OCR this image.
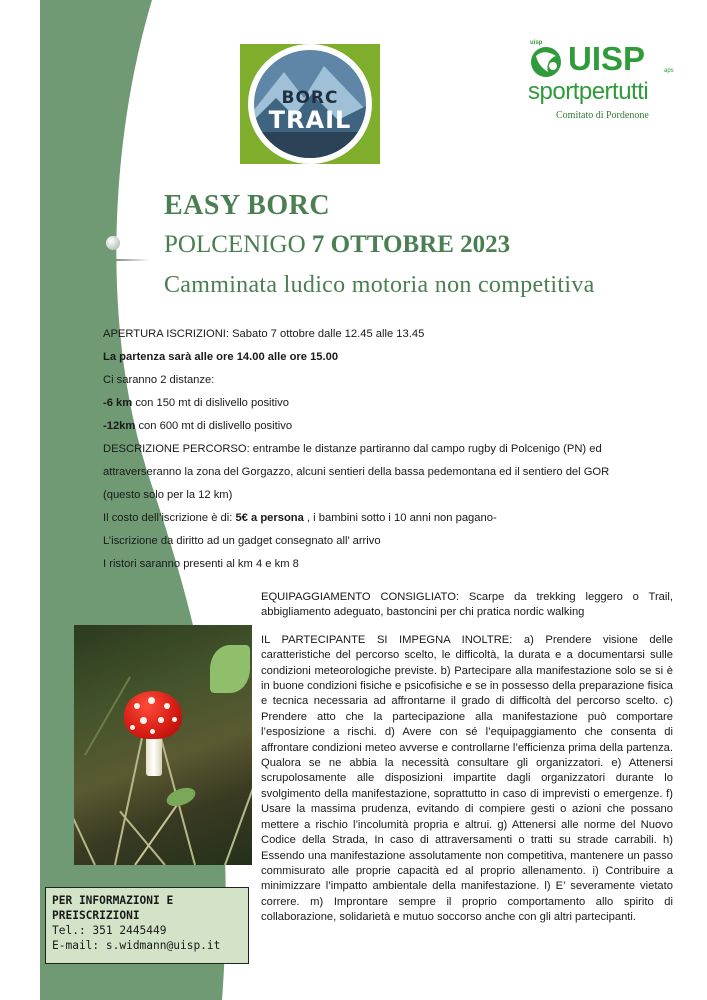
BORC
TRAIL
uisp UISP	aps
sportpertutti
Comitato di Pordenone
EASY BORC
POLCENIGO 7 OTTOBRE 2023
Camminata ludico motoria non competitiva
APERTURA ISCRIZIONI: Sabato 7 ottobre dalle 12.45 alle 13.45
La partenza sarà alle ore 14.00 alle ore 15.00
Ci saranno 2 distanze:
-6 km con 150 mt di dislivello positivo
-12km con 600 mt di dislivello positivo
DESCRIZIONE PERCORSO: entrambe le distanze partiranno dal campo rugby di Polcenigo (PN) ed
attraverseranno la zona del Gorgazzo, alcuni sentieri della bassa pedemontana ed il sentiero del GOR
(questo solo per la 12 km)
Il costo dell’iscrizione è di: 5€ a persona , i bambini sotto i 10 anni non pagano-
L’iscrizione da diritto ad un gadget consegnato all’ arrivo
I ristori saranno presenti al km 4 e km 8

EQUIPAGGIAMENTO CONSIGLIATO: Scarpe da trekking leggero o Trail, abbigliamento adeguato, bastoncini per chi pratica nordic walking

IL PARTECIPANTE SI IMPEGNA INOLTRE: a) Prendere visione delle caratteristiche del percorso scelto, le difficoltà, la durata e a documentarsi sulle condizioni meteorologiche previste. b) Partecipare alla manifestazione solo se si è in buone condizioni fisiche e psicofisiche e se in possesso della preparazione fisica e tecnica necessaria ad affrontarne il grado di difficoltà del percorso scelto. c) Prendere atto che la partecipazione alla manifestazione può comportare l’esposizione a rischi. d) Avere con sé l’equipaggiamento che consenta di affrontare condizioni meteo avverse e controllarne l’efficienza prima della partenza. Qualora se ne abbia la necessità consultare gli organizzatori. e) Attenersi scrupolosamente alle disposizioni impartite dagli organizzatori durante lo svolgimento della manifestazione, soprattutto in caso di imprevisti o emergenze. f) Usare la massima prudenza, evitando di compiere gesti o azioni che possano mettere a rischio l’incolumità propria e altrui. g) Attenersi alle norme del Nuovo Codice della Strada, In caso di attraversamenti o tratti su strade carrabili. h) Essendo una manifestazione assolutamente non competitiva, mantenere un passo commisurato alle proprie capacità ed al proprio allenamento. i) Contribuire a minimizzare l’impatto ambientale della manifestazione. l) E’ severamente vietato correre. m) Improntare sempre il proprio comportamento allo spirito di collaborazione, solidarietà e mutuo soccorso anche con gli altri partecipanti.

PER INFORMAZIONI E
PREISCRIZIONI
Tel.: 351 2445449
E-mail: s.widmann@uisp.it
